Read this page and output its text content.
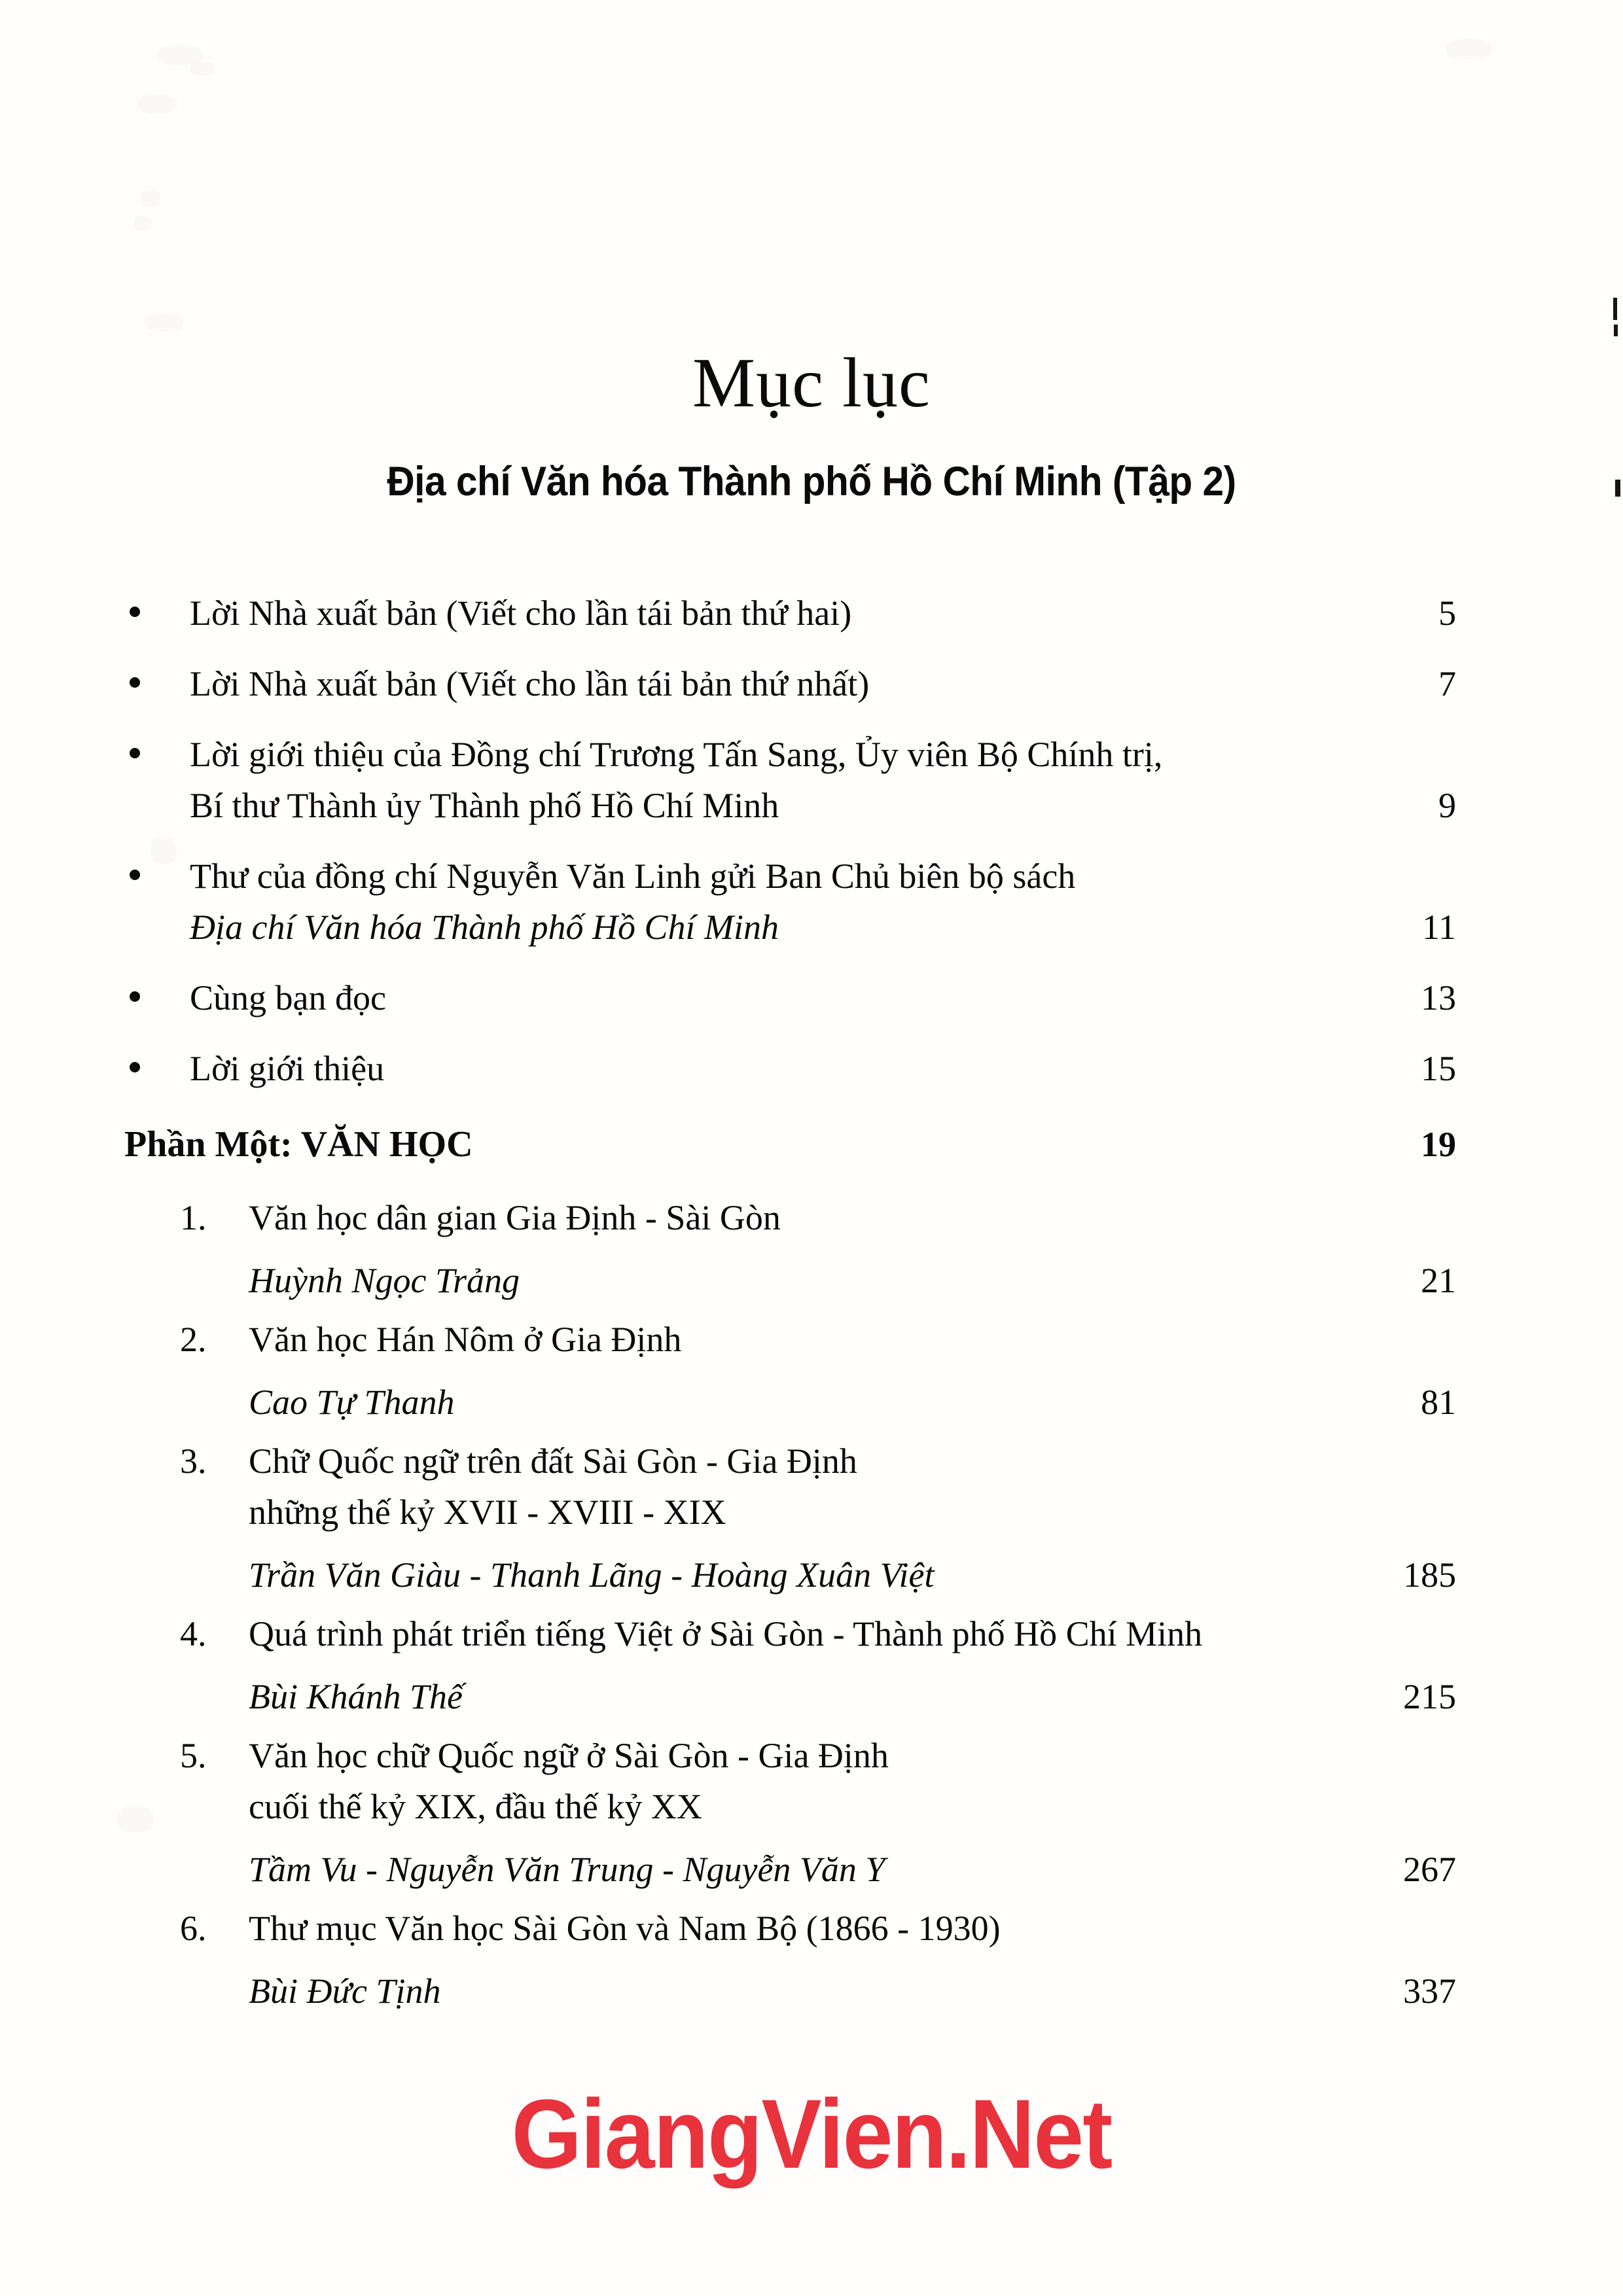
Mục lục
Địa chí Văn hóa Thành phố Hồ Chí Minh (Tập 2)
Lời Nhà xuất bản (Viết cho lần tái bản thứ hai)	5
Lời Nhà xuất bản (Viết cho lần tái bản thứ nhất)	7
Lời giới thiệu của Đồng chí Trương Tấn Sang, Ủy viên Bộ Chính trị,
Bí thư Thành ủy Thành phố Hồ Chí Minh	9
Thư của đồng chí Nguyễn Văn Linh gửi Ban Chủ biên bộ sách
Địa chí Văn hóa Thành phố Hồ Chí Minh	11
Cùng bạn đọc	13
Lời giới thiệu	15
Phần Một: VĂN HỌC	19
1. Văn học dân gian Gia Định - Sài Gòn
Huỳnh Ngọc Trảng	21
2. Văn học Hán Nôm ở Gia Định
Cao Tự Thanh	81
3. Chữ Quốc ngữ trên đất Sài Gòn - Gia Định
những thế kỷ XVII - XVIII - XIX
Trần Văn Giàu - Thanh Lãng - Hoàng Xuân Việt	185
4. Quá trình phát triển tiếng Việt ở Sài Gòn - Thành phố Hồ Chí Minh
Bùi Khánh Thế	215
5. Văn học chữ Quốc ngữ ở Sài Gòn - Gia Định
cuối thế kỷ XIX, đầu thế kỷ XX
Tầm Vu - Nguyễn Văn Trung - Nguyễn Văn Y	267
6. Thư mục Văn học Sài Gòn và Nam Bộ (1866 - 1930)
Bùi Đức Tịnh	337
GiangVien.Net
